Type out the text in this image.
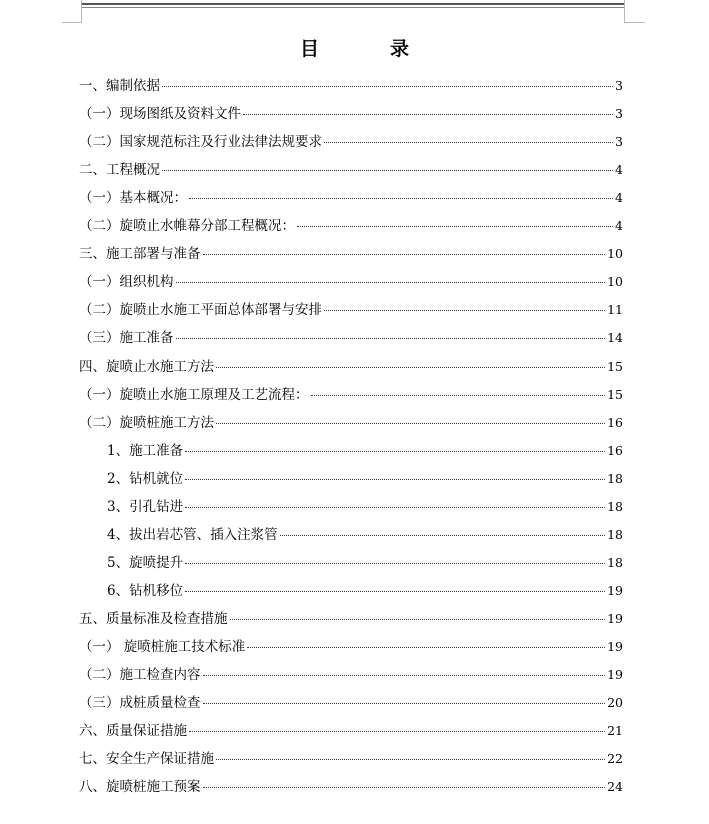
目　录
一、编制依据	3
（一）现场图纸及资料文件	3
（二）国家规范标注及行业法律法规要求	3
二、工程概况	4
（一）基本概况：	4
（二）旋喷止水帷幕分部工程概况：	4
三、施工部署与准备	10
（一）组织机构	10
（二）旋喷止水施工平面总体部署与安排	11
（三）施工准备	14
四、旋喷止水施工方法	15
（一）旋喷止水施工原理及工艺流程：	15
（二）旋喷桩施工方法	16
1、施工准备	16
2、钻机就位	18
3、引孔钻进	18
4、拔出岩芯管、插入注浆管	18
5、旋喷提升	18
6、钻机移位	19
五、质量标准及检查措施	19
（一） 旋喷桩施工技术标准	19
（二）施工检查内容	19
（三）成桩质量检查	20
六、质量保证措施	21
七、安全生产保证措施	22
八、旋喷桩施工预案	24
